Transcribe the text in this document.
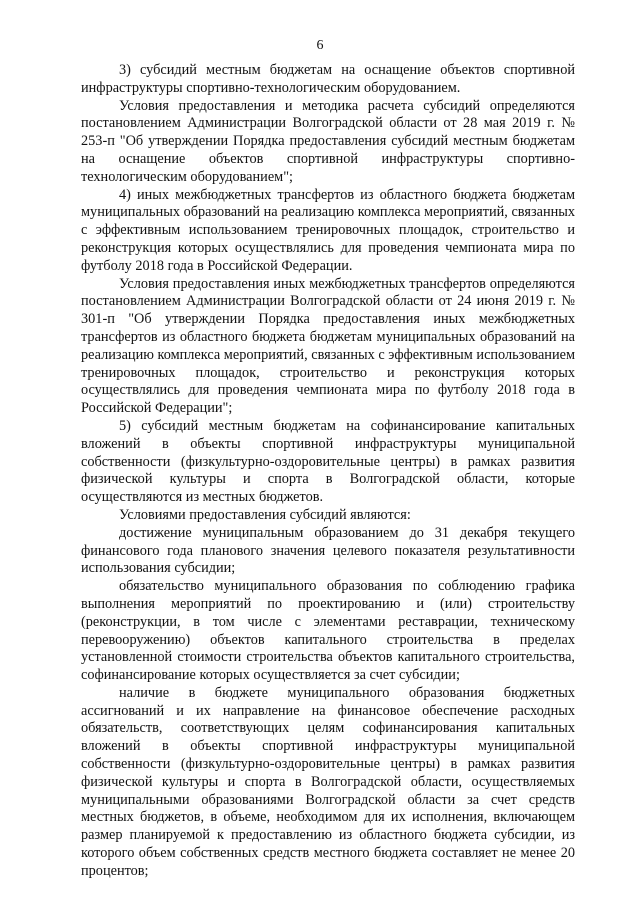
6

3) субсидий местным бюджетам на оснащение объектов спортивной инфраструктуры спортивно-технологическим оборудованием.

Условия предоставления и методика расчета субсидий определяются постановлением Администрации Волгоградской области от 28 мая 2019 г. № 253-п "Об утверждении Порядка предоставления субсидий местным бюджетам на оснащение объектов спортивной инфраструктуры спортивно-технологическим оборудованием";

4) иных межбюджетных трансфертов из областного бюджета бюджетам муниципальных образований на реализацию комплекса мероприятий, связанных с эффективным использованием тренировочных площадок, строительство и реконструкция которых осуществлялись для проведения чемпионата мира по футболу 2018 года в Российской Федерации.

Условия предоставления иных межбюджетных трансфертов определяются постановлением Администрации Волгоградской области от 24 июня 2019 г. № 301-п "Об утверждении Порядка предоставления иных межбюджетных трансфертов из областного бюджета бюджетам муниципальных образований на реализацию комплекса мероприятий, связанных с эффективным использованием тренировочных площадок, строительство и реконструкция которых осуществлялись для проведения чемпионата мира по футболу 2018 года в Российской Федерации";

5) субсидий местным бюджетам на софинансирование капитальных вложений в объекты спортивной инфраструктуры муниципальной собственности (физкультурно-оздоровительные центры) в рамках развития физической культуры и спорта в Волгоградской области, которые осуществляются из местных бюджетов.

Условиями предоставления субсидий являются:

достижение муниципальным образованием до 31 декабря текущего финансового года планового значения целевого показателя результативности использования субсидии;

обязательство муниципального образования по соблюдению графика выполнения мероприятий по проектированию и (или) строительству (реконструкции, в том числе с элементами реставрации, техническому перевооружению) объектов капитального строительства в пределах установленной стоимости строительства объектов капитального строительства, софинансирование которых осуществляется за счет субсидии;

наличие в бюджете муниципального образования бюджетных ассигнований и их направление на финансовое обеспечение расходных обязательств, соответствующих целям софинансирования капитальных вложений в объекты спортивной инфраструктуры муниципальной собственности (физкультурно-оздоровительные центры) в рамках развития физической культуры и спорта в Волгоградской области, осуществляемых муниципальными образованиями Волгоградской области за счет средств местных бюджетов, в объеме, необходимом для их исполнения, включающем размер планируемой к предоставлению из областного бюджета субсидии, из которого объем собственных средств местного бюджета составляет не менее 20 процентов;
